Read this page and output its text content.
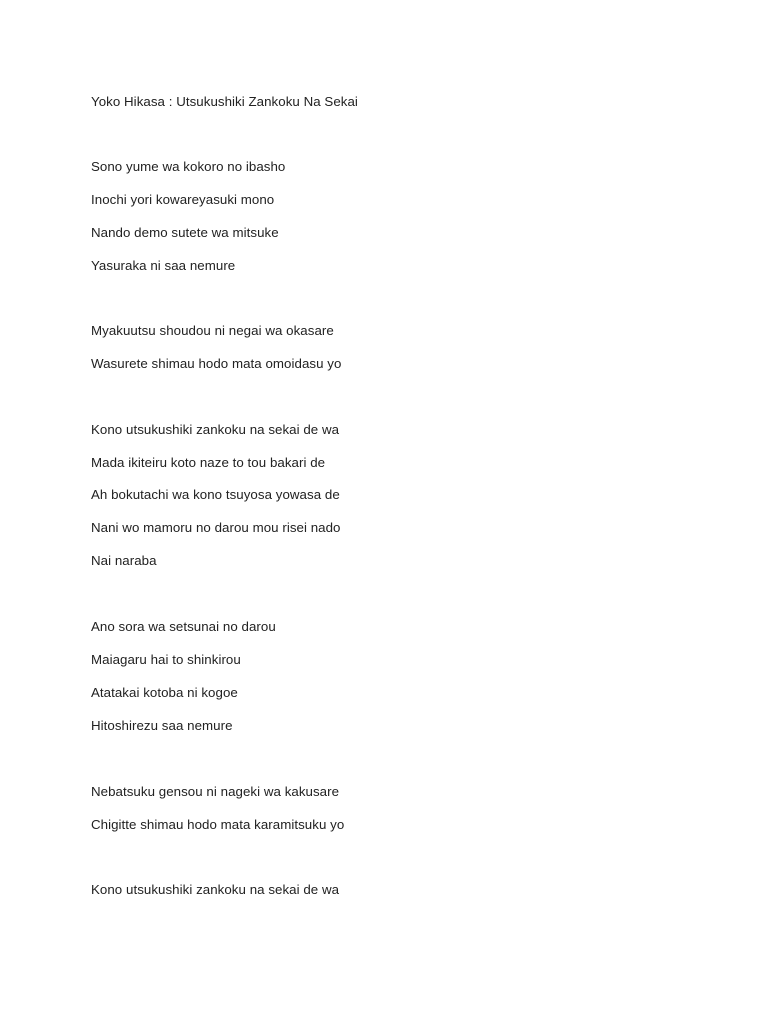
Yoko Hikasa : Utsukushiki Zankoku Na Sekai
Sono yume wa kokoro no ibasho
Inochi yori kowareyasuki mono
Nando demo sutete wa mitsuke
Yasuraka ni saa nemure
Myakuutsu shoudou ni negai wa okasare
Wasurete shimau hodo mata omoidasu yo
Kono utsukushiki zankoku na sekai de wa
Mada ikiteiru koto naze to tou bakari de
Ah bokutachi wa kono tsuyosa yowasa de
Nani wo mamoru no darou mou risei nado
Nai naraba
Ano sora wa setsunai no darou
Maiagaru hai to shinkirou
Atatakai kotoba ni kogoe
Hitoshirezu saa nemure
Nebatsuku gensou ni nageki wa kakusare
Chigitte shimau hodo mata karamitsuku yo
Kono utsukushiki zankoku na sekai de wa
